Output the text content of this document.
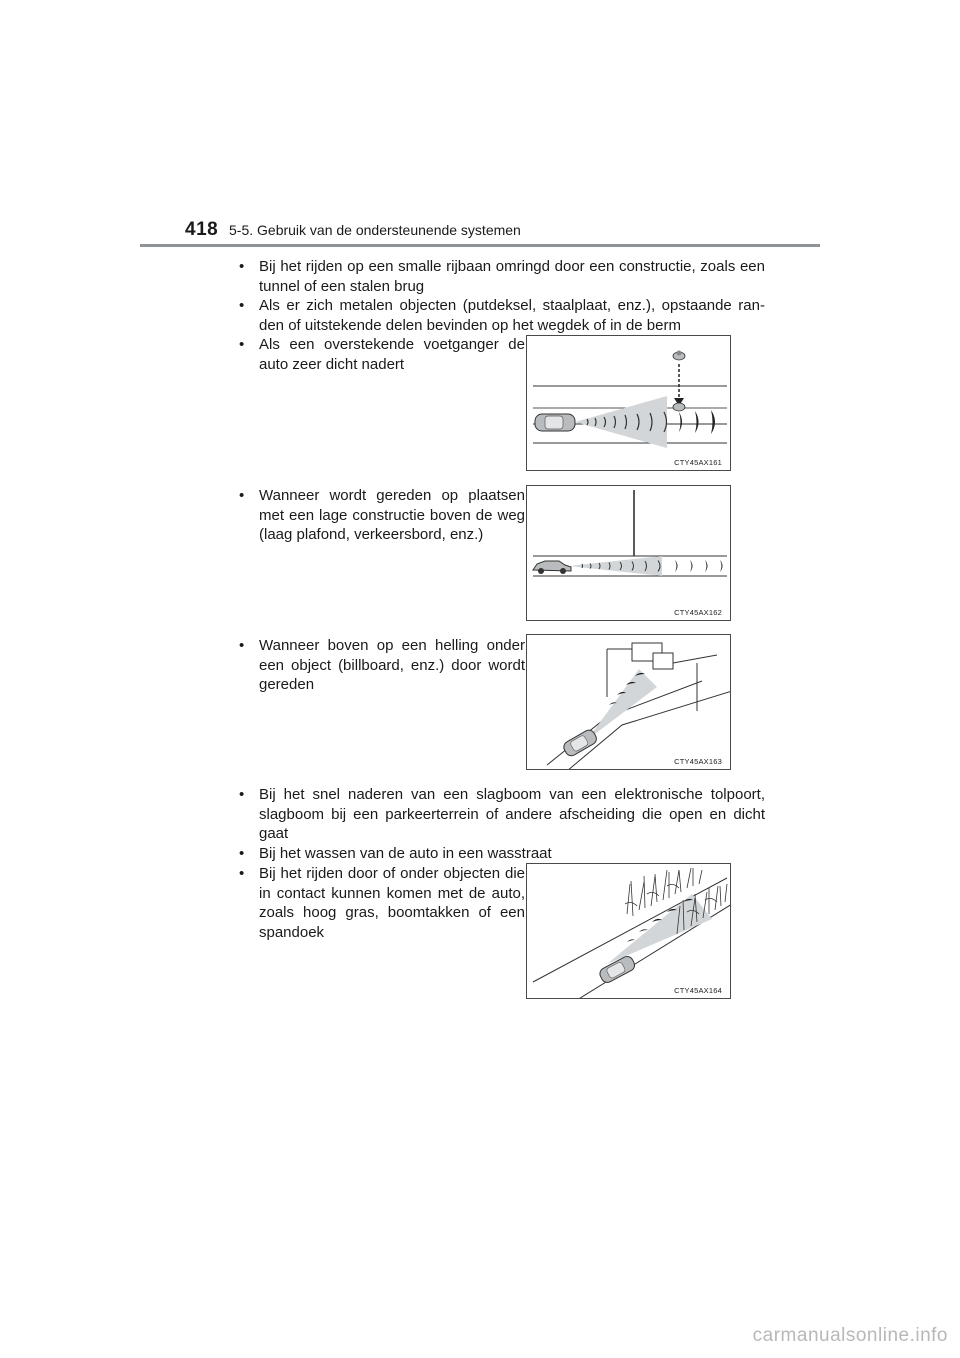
418 5-5. Gebruik van de ondersteunende systemen
• Bij het rijden op een smalle rijbaan omringd door een constructie, zoals een tunnel of een stalen brug
• Als er zich metalen objecten (putdeksel, staalplaat, enz.), opstaande ran-den of uitstekende delen bevinden op het wegdek of in de berm
• Als een overstekende voetganger de auto zeer dicht nadert
• Wanneer wordt gereden op plaatsen met een lage constructie boven de weg (laag plafond, verkeersbord, enz.)
• Wanneer boven op een helling onder een object (billboard, enz.) door wordt gereden
• Bij het snel naderen van een slagboom van een elektronische tolpoort, slagboom bij een parkeerterrein of andere afscheiding die open en dicht gaat
• Bij het wassen van de auto in een wasstraat
• Bij het rijden door of onder objecten die in contact kunnen komen met de auto, zoals hoog gras, boomtakken of een spandoek
CTY45AX161
CTY45AX162
CTY45AX163
CTY45AX164
carmanualsonline.info
